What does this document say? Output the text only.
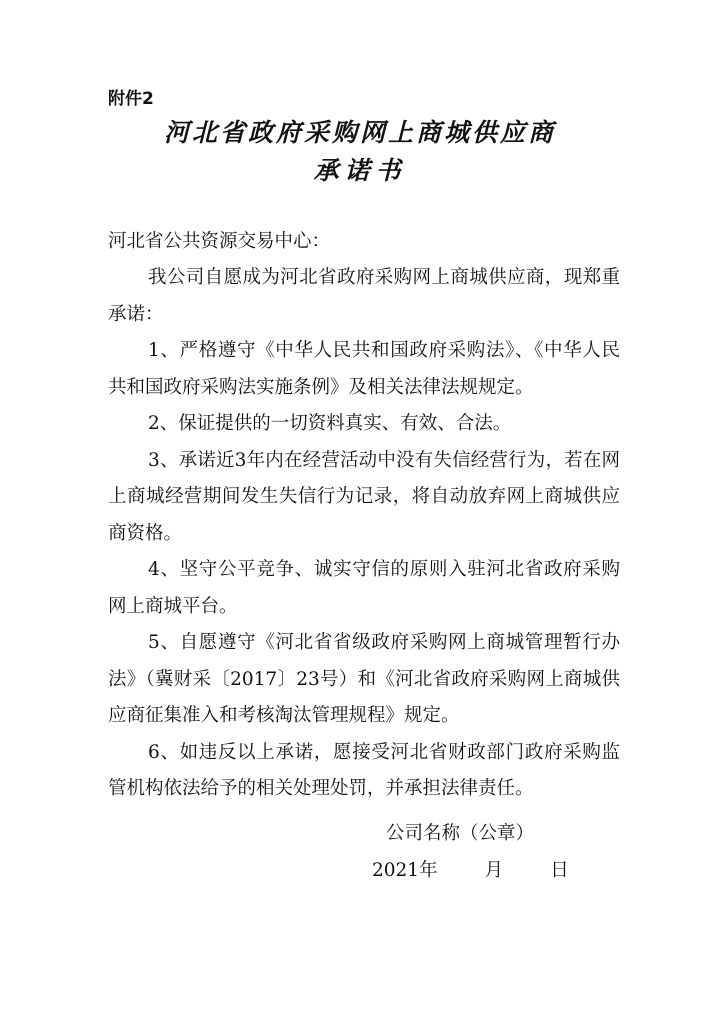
附件2
河北省政府采购网上商城供应商
承诺书
河北省公共资源交易中心：

我公司自愿成为河北省政府采购网上商城供应商，现郑重承诺：

1、严格遵守《中华人民共和国政府采购法》、《中华人民共和国政府采购法实施条例》及相关法律法规规定。

2、保证提供的一切资料真实、有效、合法。

3、承诺近3年内在经营活动中没有失信经营行为，若在网上商城经营期间发生失信行为记录，将自动放弃网上商城供应商资格。

4、坚守公平竞争、诚实守信的原则入驻河北省政府采购网上商城平台。

5、自愿遵守《河北省省级政府采购网上商城管理暂行办法》（冀财采〔2017〕23号）和《河北省政府采购网上商城供应商征集准入和考核淘汰管理规程》规定。

6、如违反以上承诺，愿接受河北省财政部门政府采购监管机构依法给予的相关处理处罚，并承担法律责任。

公司名称（公章）
2021年	月	日
